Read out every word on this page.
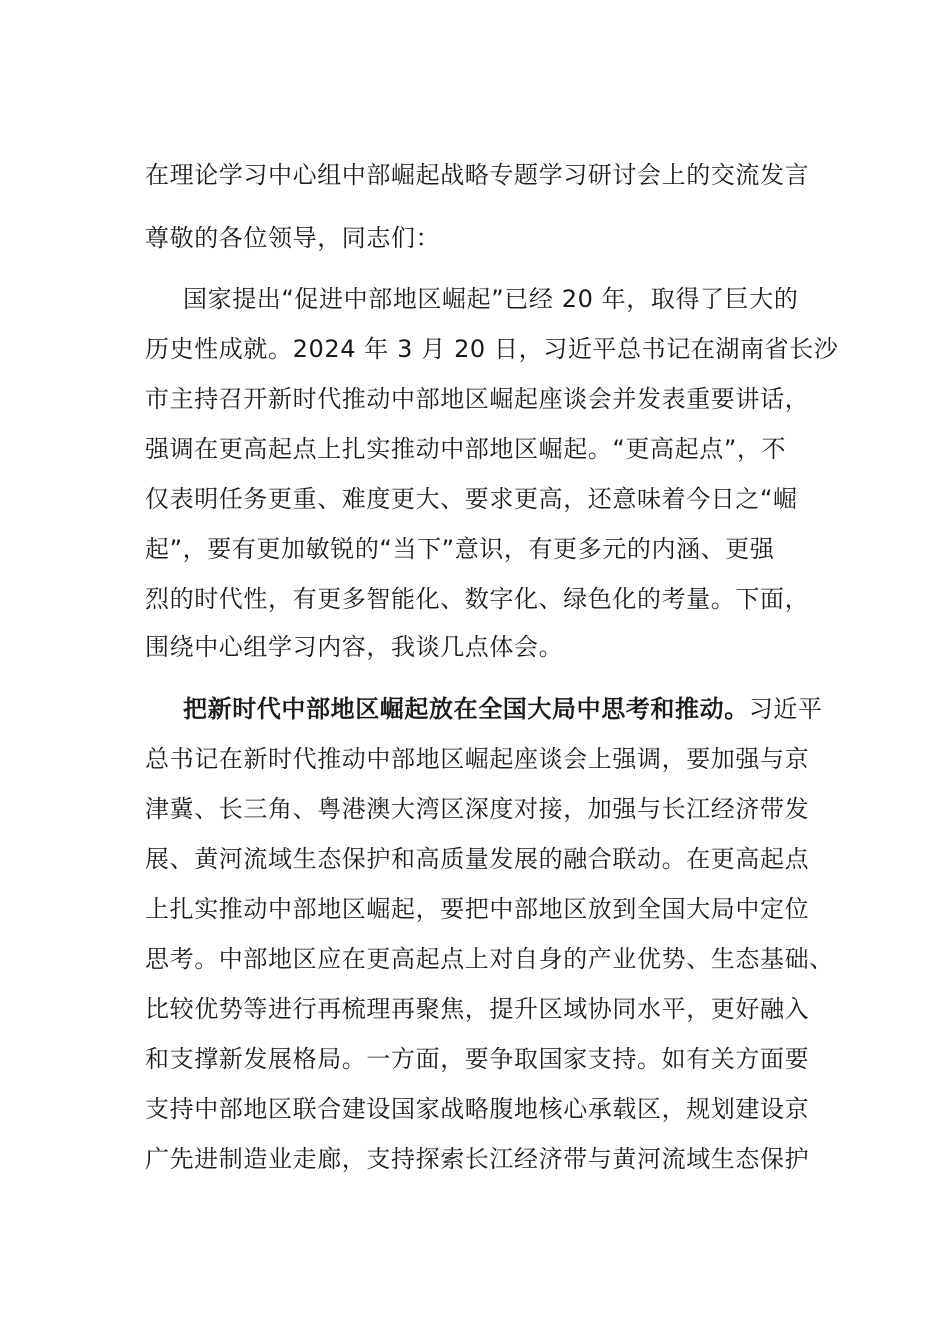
在理论学习中心组中部崛起战略专题学习研讨会上的交流发言
尊敬的各位领导，同志们：
国家提出“促进中部地区崛起”已经 20 年，取得了巨大的
历史性成就。2024 年 3 月 20 日，习近平总书记在湖南省长沙
市主持召开新时代推动中部地区崛起座谈会并发表重要讲话，
强调在更高起点上扎实推动中部地区崛起。“更高起点”，不
仅表明任务更重、难度更大、要求更高，还意味着今日之“崛
起”，要有更加敏锐的“当下”意识，有更多元的内涵、更强
烈的时代性，有更多智能化、数字化、绿色化的考量。下面，
围绕中心组学习内容，我谈几点体会。
把新时代中部地区崛起放在全国大局中思考和推动。习近平
总书记在新时代推动中部地区崛起座谈会上强调，要加强与京
津冀、长三角、粤港澳大湾区深度对接，加强与长江经济带发
展、黄河流域生态保护和高质量发展的融合联动。在更高起点
上扎实推动中部地区崛起，要把中部地区放到全国大局中定位
思考。中部地区应在更高起点上对自身的产业优势、生态基础、
比较优势等进行再梳理再聚焦，提升区域协同水平，更好融入
和支撑新发展格局。一方面，要争取国家支持。如有关方面要
支持中部地区联合建设国家战略腹地核心承载区，规划建设京
广先进制造业走廊，支持探索长江经济带与黄河流域生态保护
